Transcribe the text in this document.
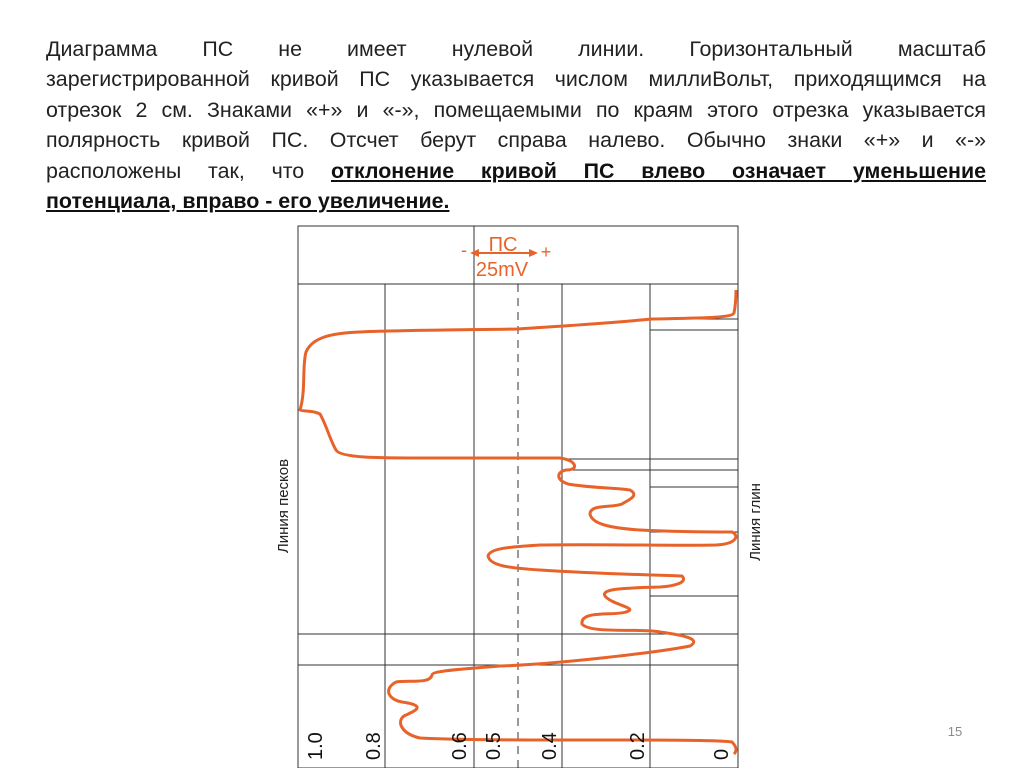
Диаграмма ПС не имеет нулевой линии. Горизонтальный масштаб
зарегистрированной кривой ПС указывается числом миллиВольт, приходящимся на
отрезок 2 см. Знаками «+» и «-», помещаемыми по краям этого отрезка указывается
полярность кривой ПС. Отсчет берут справа налево. Обычно знаки «+» и «-»
расположены так, что отклонение кривой ПС влево означает уменьшение
потенциала, вправо - его увеличение.
- ПС +
25mV
Линия песков	Линия глин
1.0 0.8	0.6 0.5 0.4	0.2	0
15
